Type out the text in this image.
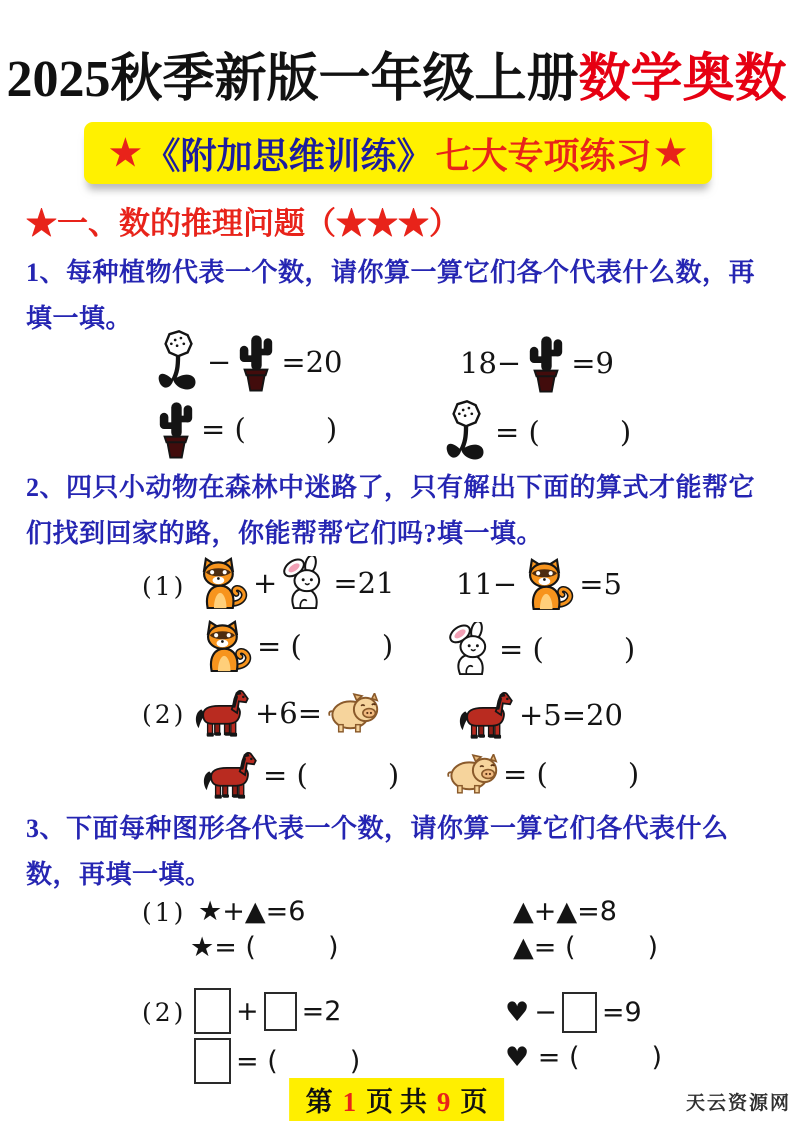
2025秋季新版一年级上册数学奥数
★ 《附加思维训练》 七大专项练习 ★
★一、数的推理问题（★★★）
1、每种植物代表一个数，请你算一算它们各个代表什么数，再填一填。
− =20	18− =9
= (	)	= (	)
2、四只小动物在森林中迷路了，只有解出下面的算式才能帮它们找到回家的路，你能帮帮它们吗?填一填。
(1) + =21 11− =5
= (	)	= (	)
(2) +6=	+5=20
= (	)	= (	)
3、下面每种图形各代表一个数，请你算一算它们各代表什么数，再填一填。
(1) ★+▲=6	▲+▲=8
★= (	)	▲= (	)
(2) + =2	♥ − =9
= (	)	♥ = (	)
第 1 页 共 9 页	天云资源网
